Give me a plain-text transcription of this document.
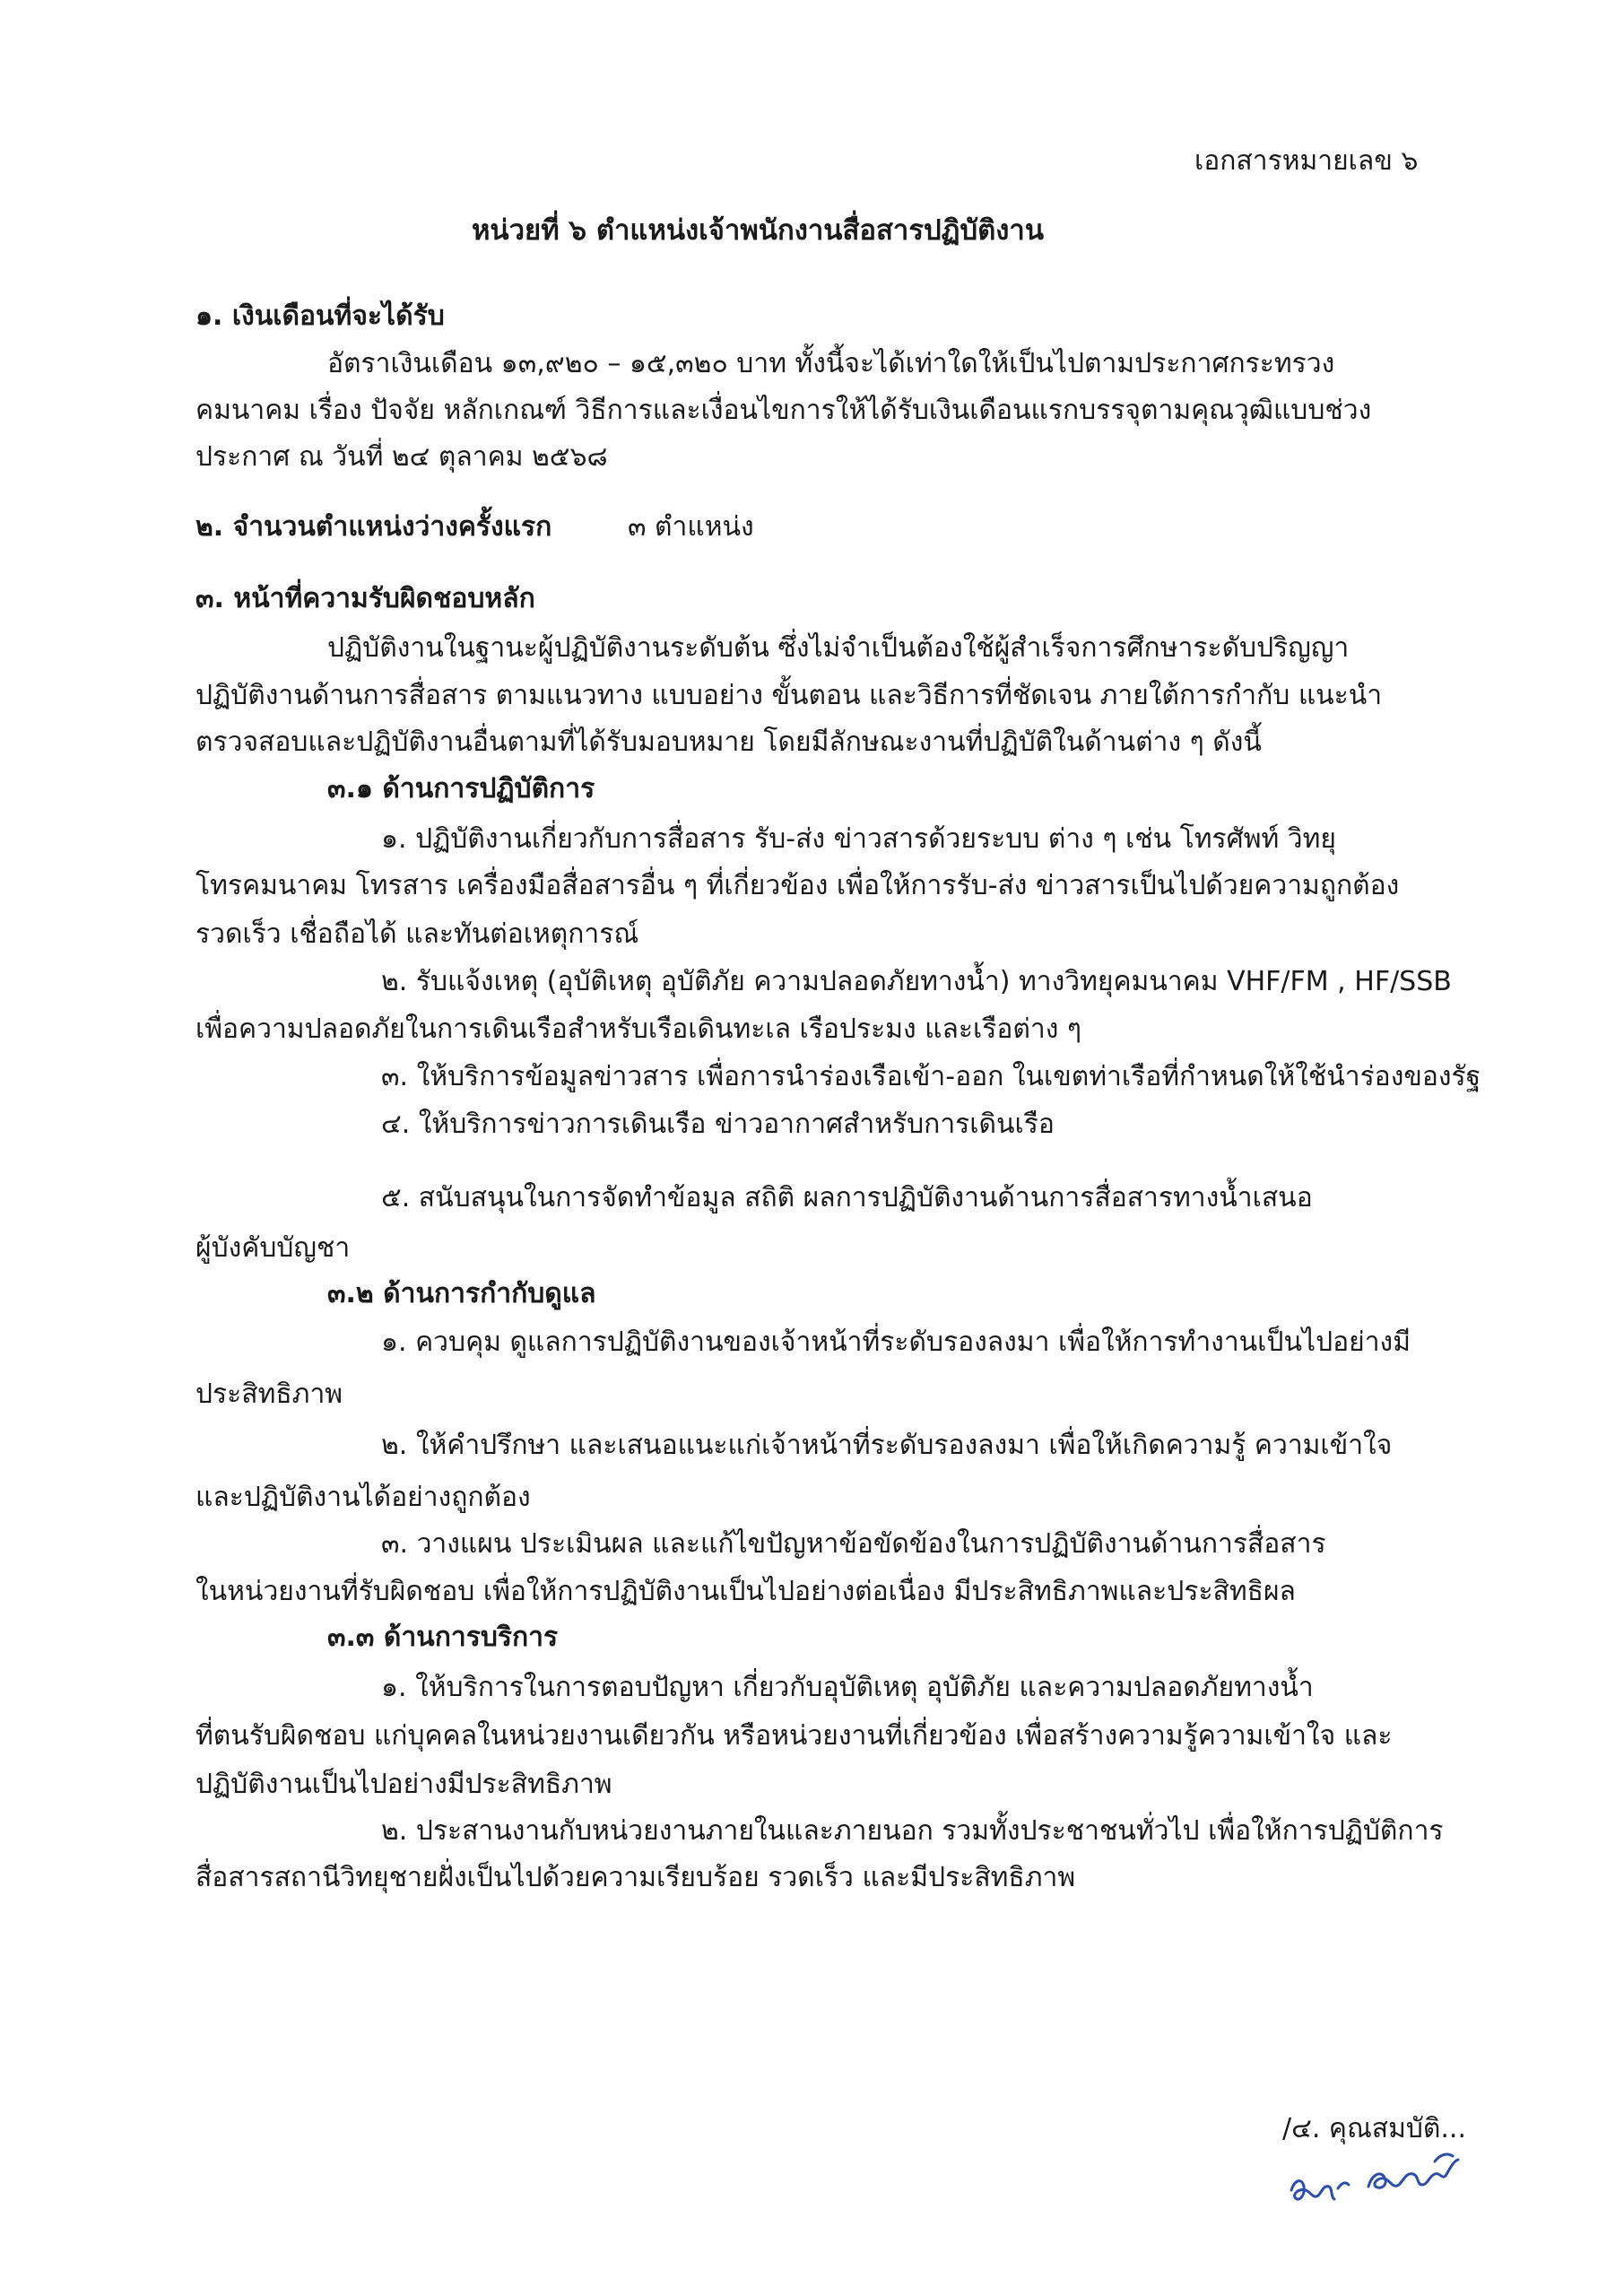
เอกสารหมายเลข ๖
หน่วยที่ ๖ ตำแหน่งเจ้าพนักงานสื่อสารปฏิบัติงาน
๑. เงินเดือนที่จะได้รับ
อัตราเงินเดือน ๑๓,๙๒๐ – ๑๕,๓๒๐ บาท ทั้งนี้จะได้เท่าใดให้เป็นไปตามประกาศกระทรวง
คมนาคม เรื่อง ปัจจัย หลักเกณฑ์ วิธีการและเงื่อนไขการให้ได้รับเงินเดือนแรกบรรจุตามคุณวุฒิแบบช่วง
ประกาศ ณ วันที่ ๒๔ ตุลาคม ๒๕๖๘
๒. จำนวนตำแหน่งว่างครั้งแรก	๓ ตำแหน่ง
๓. หน้าที่ความรับผิดชอบหลัก
ปฏิบัติงานในฐานะผู้ปฏิบัติงานระดับต้น ซึ่งไม่จำเป็นต้องใช้ผู้สำเร็จการศึกษาระดับปริญญา
ปฏิบัติงานด้านการสื่อสาร ตามแนวทาง แบบอย่าง ขั้นตอน และวิธีการที่ชัดเจน ภายใต้การกำกับ แนะนำ
ตรวจสอบและปฏิบัติงานอื่นตามที่ได้รับมอบหมาย โดยมีลักษณะงานที่ปฏิบัติในด้านต่าง ๆ ดังนี้
๓.๑ ด้านการปฏิบัติการ
๑. ปฏิบัติงานเกี่ยวกับการสื่อสาร รับ-ส่ง ข่าวสารด้วยระบบ ต่าง ๆ เช่น โทรศัพท์ วิทยุ
โทรคมนาคม โทรสาร เครื่องมือสื่อสารอื่น ๆ ที่เกี่ยวข้อง เพื่อให้การรับ-ส่ง ข่าวสารเป็นไปด้วยความถูกต้อง
รวดเร็ว เชื่อถือได้ และทันต่อเหตุการณ์
๒. รับแจ้งเหตุ (อุบัติเหตุ อุบัติภัย ความปลอดภัยทางน้ำ) ทางวิทยุคมนาคม VHF/FM , HF/SSB
เพื่อความปลอดภัยในการเดินเรือสำหรับเรือเดินทะเล เรือประมง และเรือต่าง ๆ
๓. ให้บริการข้อมูลข่าวสาร เพื่อการนำร่องเรือเข้า-ออก ในเขตท่าเรือที่กำหนดให้ใช้นำร่องของรัฐ
๔. ให้บริการข่าวการเดินเรือ ข่าวอากาศสำหรับการเดินเรือ
๕. สนับสนุนในการจัดทำข้อมูล สถิติ ผลการปฏิบัติงานด้านการสื่อสารทางน้ำเสนอ
ผู้บังคับบัญชา
๓.๒ ด้านการกำกับดูแล
๑. ควบคุม ดูแลการปฏิบัติงานของเจ้าหน้าที่ระดับรองลงมา เพื่อให้การทำงานเป็นไปอย่างมี
ประสิทธิภาพ
๒. ให้คำปรึกษา และเสนอแนะแก่เจ้าหน้าที่ระดับรองลงมา เพื่อให้เกิดความรู้ ความเข้าใจ
และปฏิบัติงานได้อย่างถูกต้อง
๓. วางแผน ประเมินผล และแก้ไขปัญหาข้อขัดข้องในการปฏิบัติงานด้านการสื่อสาร
ในหน่วยงานที่รับผิดชอบ เพื่อให้การปฏิบัติงานเป็นไปอย่างต่อเนื่อง มีประสิทธิภาพและประสิทธิผล
๓.๓ ด้านการบริการ
๑. ให้บริการในการตอบปัญหา เกี่ยวกับอุบัติเหตุ อุบัติภัย และความปลอดภัยทางน้ำ
ที่ตนรับผิดชอบ แก่บุคคลในหน่วยงานเดียวกัน หรือหน่วยงานที่เกี่ยวข้อง เพื่อสร้างความรู้ความเข้าใจ และ
ปฏิบัติงานเป็นไปอย่างมีประสิทธิภาพ
๒. ประสานงานกับหน่วยงานภายในและภายนอก รวมทั้งประชาชนทั่วไป เพื่อให้การปฏิบัติการ
สื่อสารสถานีวิทยุชายฝั่งเป็นไปด้วยความเรียบร้อย รวดเร็ว และมีประสิทธิภาพ
/๔. คุณสมบัติ...
